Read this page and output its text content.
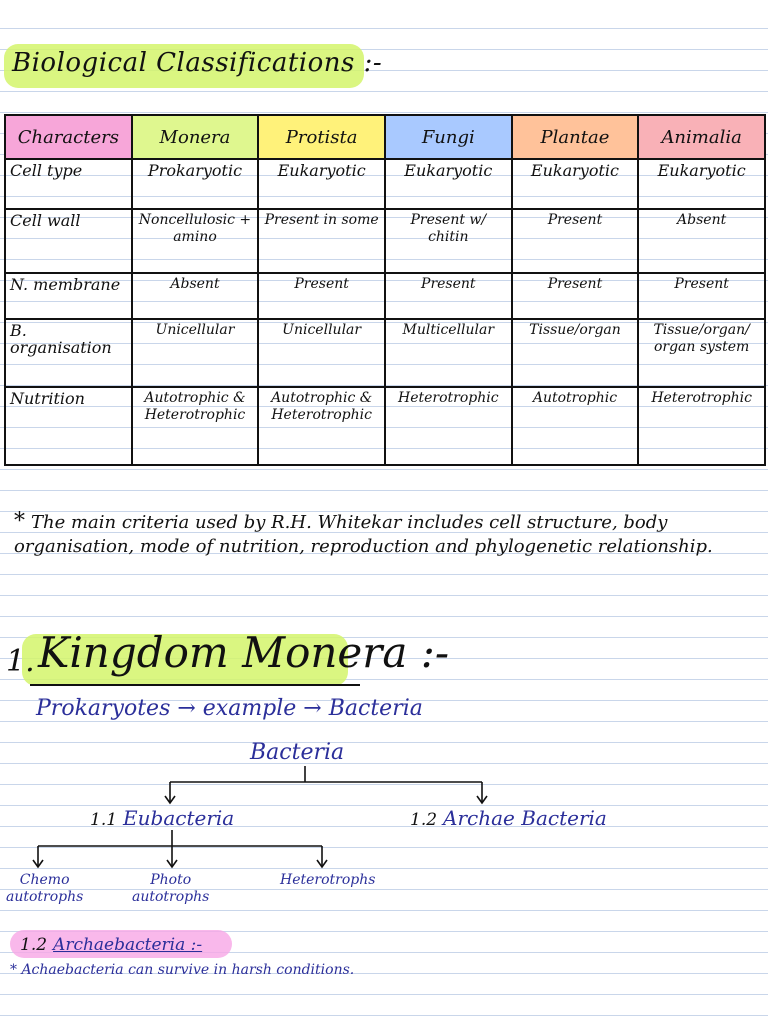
Biological Classifications :-
Characters	Monera	Protista	Fungi	Plantae	Animalia
Cell type	Prokaryotic	Eukaryotic	Eukaryotic	Eukaryotic	Eukaryotic
Cell wall	Noncellulosic + amino	Present in some	Present w/ chitin	Present	Absent
N. membrane	Absent	Present	Present	Present	Present
B. organisation	Unicellular	Unicellular	Multicellular	Tissue/organ	Tissue/organ/ organ system
Nutrition	Autotrophic & Heterotrophic	Autotrophic & Heterotrophic	Heterotrophic	Autotrophic	Heterotrophic
* The main criteria used by R.H. Whitekar includes cell structure, body organisation, mode of nutrition, reproduction and phylogenetic relationship.
1. Kingdom Monera :-
Prokaryotes → example → Bacteria
Bacteria
1.1 Eubacteria	1.2 Archae Bacteria
Chemo
autotrophs
Photo
autotrophs
Heterotrophs
1.2 Archaebacteria :-
* Achaebacteria can survive in harsh conditions.
